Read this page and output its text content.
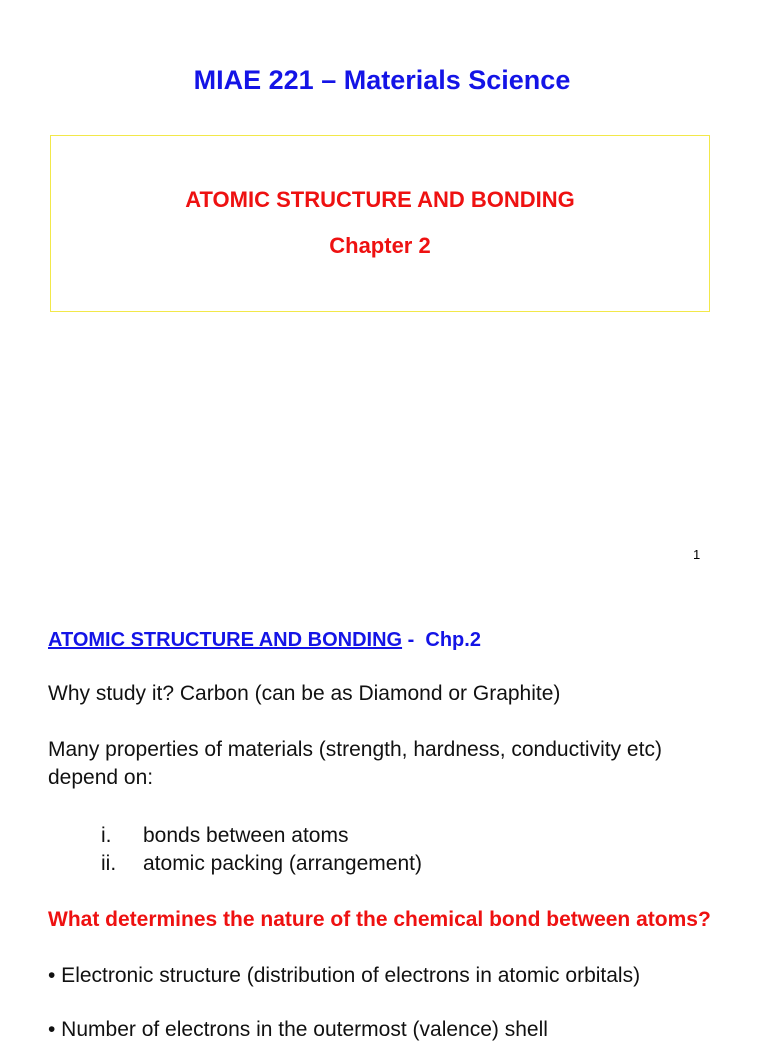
MIAE 221 – Materials Science
ATOMIC STRUCTURE AND BONDING
Chapter 2
1
ATOMIC STRUCTURE AND BONDING -  Chp.2
Why study it? Carbon (can be as Diamond or Graphite)
Many properties of materials (strength, hardness, conductivity etc) depend on:
i.	bonds between atoms
ii.	atomic packing (arrangement)
What determines the nature of the chemical bond between atoms?
• Electronic structure (distribution of electrons in atomic orbitals)
• Number of electrons in the outermost (valence) shell
